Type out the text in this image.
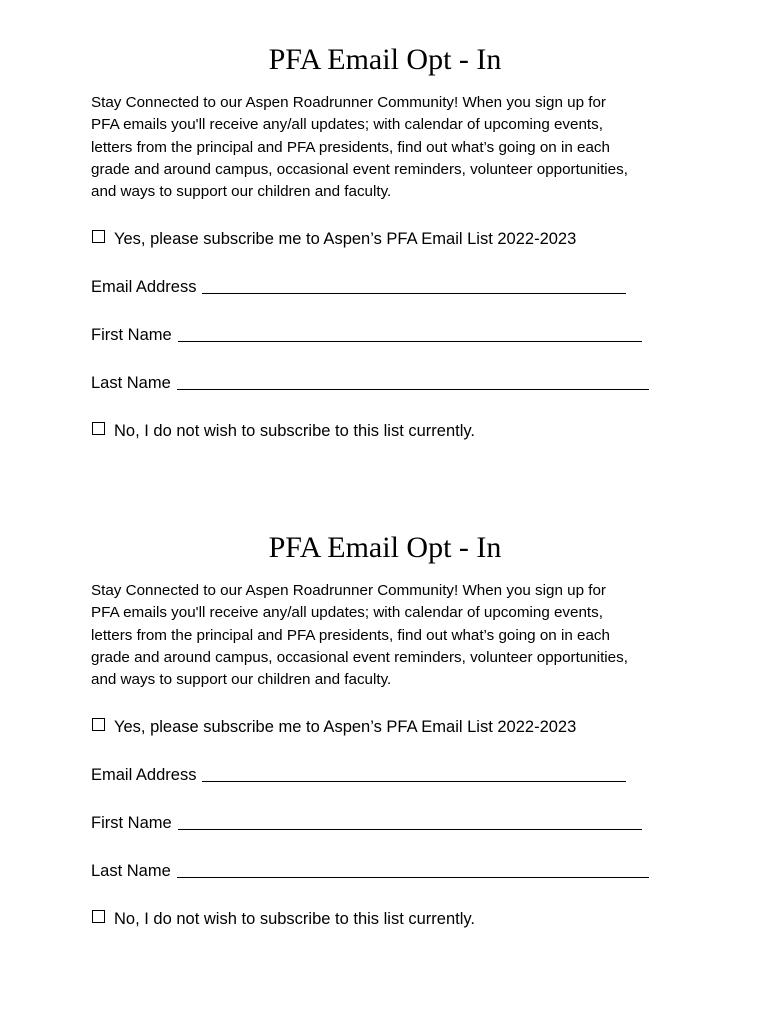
PFA Email Opt - In

Stay Connected to our Aspen Roadrunner Community! When you sign up for
PFA emails you'll receive any/all updates; with calendar of upcoming events,
letters from the principal and PFA presidents, find out what’s going on in each
grade and around campus, occasional event reminders, volunteer opportunities,
and ways to support our children and faculty.

Yes, please subscribe me to Aspen’s PFA Email List 2022-2023
Email Address
First Name
Last Name
No, I do not wish to subscribe to this list currently.
PFA Email Opt - In

Stay Connected to our Aspen Roadrunner Community! When you sign up for
PFA emails you'll receive any/all updates; with calendar of upcoming events,
letters from the principal and PFA presidents, find out what’s going on in each
grade and around campus, occasional event reminders, volunteer opportunities,
and ways to support our children and faculty.

Yes, please subscribe me to Aspen’s PFA Email List 2022-2023
Email Address
First Name
Last Name
No, I do not wish to subscribe to this list currently.
